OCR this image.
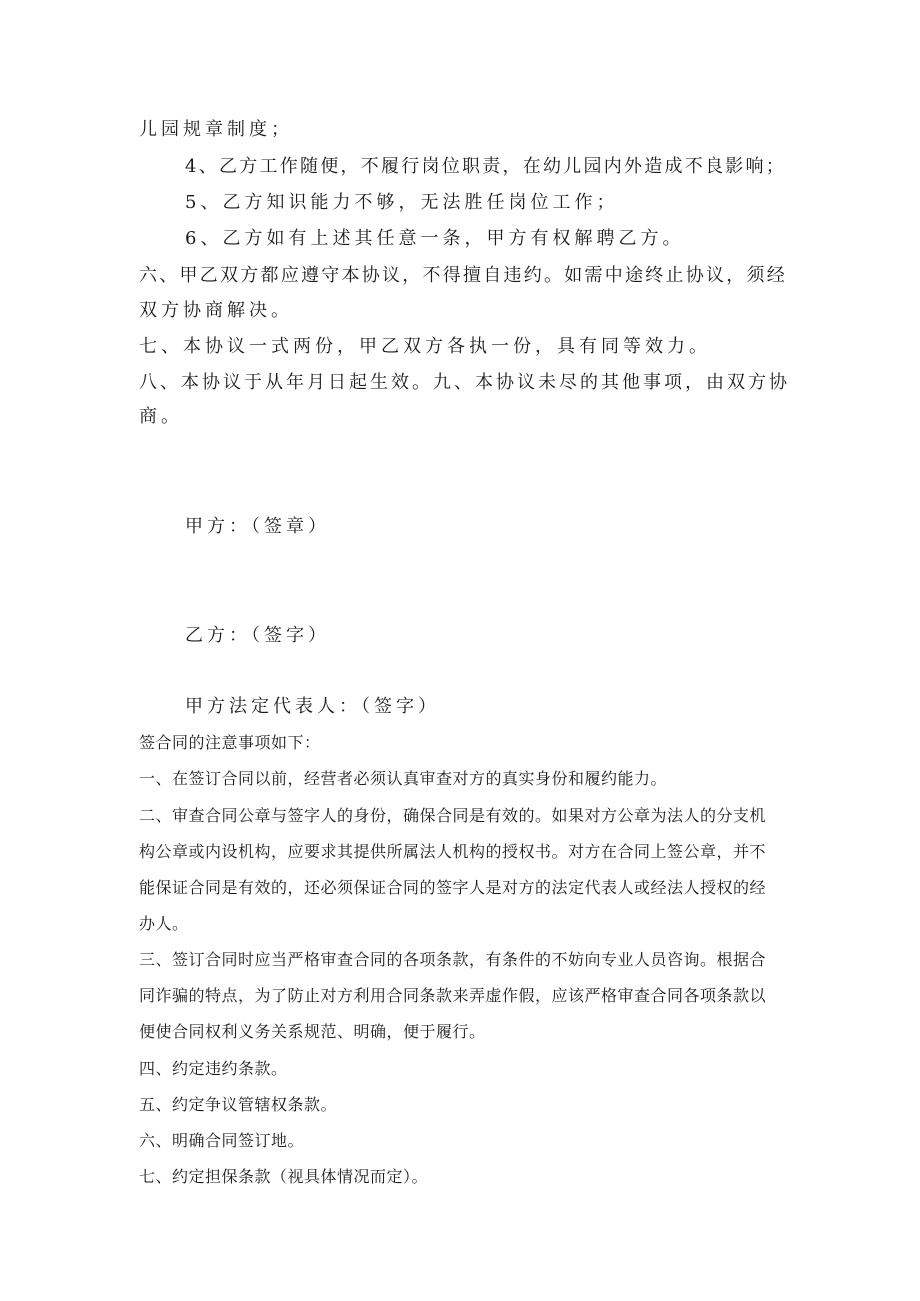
儿园规章制度；
4、乙方工作随便，不履行岗位职责，在幼儿园内外造成不良影响；
5、乙方知识能力不够，无法胜任岗位工作；
6、乙方如有上述其任意一条，甲方有权解聘乙方。
六、甲乙双方都应遵守本协议，不得擅自违约。如需中途终止协议，须经
双方协商解决。
七、本协议一式两份，甲乙双方各执一份，具有同等效力。
八、本协议于从年月日起生效。九、本协议未尽的其他事项，由双方协
商。
甲方：（签章）
乙方：（签字）
甲方法定代表人：（签字）
签合同的注意事项如下：
一、在签订合同以前，经营者必须认真审查对方的真实身份和履约能力。
二、审查合同公章与签字人的身份，确保合同是有效的。如果对方公章为法人的分支机
构公章或内设机构，应要求其提供所属法人机构的授权书。对方在合同上签公章，并不
能保证合同是有效的，还必须保证合同的签字人是对方的法定代表人或经法人授权的经
办人。
三、签订合同时应当严格审查合同的各项条款，有条件的不妨向专业人员咨询。根据合
同诈骗的特点，为了防止对方利用合同条款来弄虚作假，应该严格审查合同各项条款以
便使合同权利义务关系规范、明确，便于履行。
四、约定违约条款。
五、约定争议管辖权条款。
六、明确合同签订地。
七、约定担保条款（视具体情况而定）。
